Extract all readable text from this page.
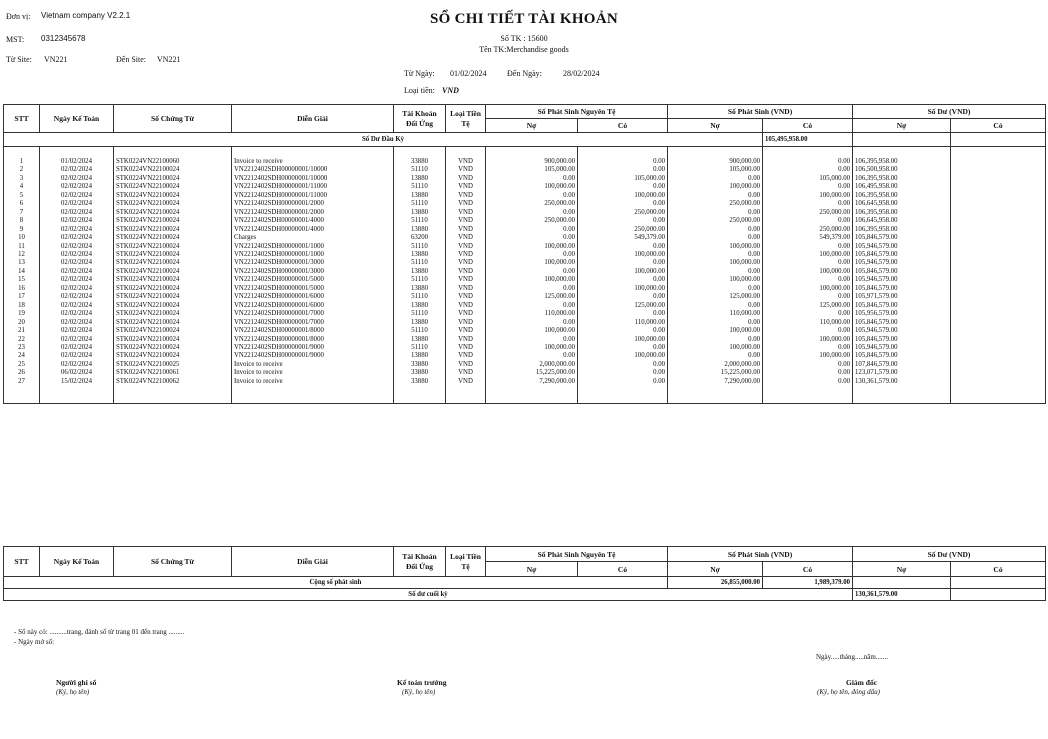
Đơn vị: Vietnam company V2.2.1
MST: 0312345678
Từ Site: VN221	Đến Site: VN221
SỔ CHI TIẾT TÀI KHOẢN
Số TK : 15600
Tên TK:Merchandise goods
Từ Ngày: 01/02/2024	Đến Ngày:	28/02/2024
Loại tiền: VND
STT	Ngày Kế Toán	Số Chứng Từ	Diễn Giải	Tài Khoản Đối Ứng	Loại Tiền Tệ	Số Phát Sinh Nguyên Tệ		Số Phát Sinh (VND)		Số Dư (VND)	
						Nợ	Có	Nợ	Có	Nợ	Có
Số Dư Đầu Kỳ									105,495,958.00		

1	01/02/2024	STK0224VN22100060	Invoice to receive	33880	VND	900,000.00	0.00	900,000.00	0.00	106,395,958.00	
2	02/02/2024	STK0224VN22100024	VN2212402SDH00000001/10000	51110	VND	105,000.00	0.00	105,000.00	0.00	106,500,958.00	
3	02/02/2024	STK0224VN22100024	VN2212402SDH00000001/10000	13880	VND	0.00	105,000.00	0.00	105,000.00	106,395,958.00	
4	02/02/2024	STK0224VN22100024	VN2212402SDH00000001/11000	51110	VND	100,000.00	0.00	100,000.00	0.00	106,495,958.00	
5	02/02/2024	STK0224VN22100024	VN2212402SDH00000001/11000	13880	VND	0.00	100,000.00	0.00	100,000.00	106,395,958.00	
6	02/02/2024	STK0224VN22100024	VN2212402SDH00000001/2000	51110	VND	250,000.00	0.00	250,000.00	0.00	106,645,958.00	
7	02/02/2024	STK0224VN22100024	VN2212402SDH00000001/2000	13880	VND	0.00	250,000.00	0.00	250,000.00	106,395,958.00	
8	02/02/2024	STK0224VN22100024	VN2212402SDH00000001/4000	51110	VND	250,000.00	0.00	250,000.00	0.00	106,645,958.00	
9	02/02/2024	STK0224VN22100024	VN2212402SDH00000001/4000	13880	VND	0.00	250,000.00	0.00	250,000.00	106,395,958.00	
10	02/02/2024	STK0224VN22100024	Charges	63200	VND	0.00	549,379.00	0.00	549,379.00	105,846,579.00	
11	02/02/2024	STK0224VN22100024	VN2212402SDH00000001/1000	51110	VND	100,000.00	0.00	100,000.00	0.00	105,946,579.00	
12	02/02/2024	STK0224VN22100024	VN2212402SDH00000001/1000	13880	VND	0.00	100,000.00	0.00	100,000.00	105,846,579.00	
13	02/02/2024	STK0224VN22100024	VN2212402SDH00000001/3000	51110	VND	100,000.00	0.00	100,000.00	0.00	105,946,579.00	
14	02/02/2024	STK0224VN22100024	VN2212402SDH00000001/3000	13880	VND	0.00	100,000.00	0.00	100,000.00	105,846,579.00	
15	02/02/2024	STK0224VN22100024	VN2212402SDH00000001/5000	51110	VND	100,000.00	0.00	100,000.00	0.00	105,946,579.00	
16	02/02/2024	STK0224VN22100024	VN2212402SDH00000001/5000	13880	VND	0.00	100,000.00	0.00	100,000.00	105,846,579.00	
17	02/02/2024	STK0224VN22100024	VN2212402SDH00000001/6000	51110	VND	125,000.00	0.00	125,000.00	0.00	105,971,579.00	
18	02/02/2024	STK0224VN22100024	VN2212402SDH00000001/6000	13880	VND	0.00	125,000.00	0.00	125,000.00	105,846,579.00	
19	02/02/2024	STK0224VN22100024	VN2212402SDH00000001/7000	51110	VND	110,000.00	0.00	110,000.00	0.00	105,956,579.00	
20	02/02/2024	STK0224VN22100024	VN2212402SDH00000001/7000	13880	VND	0.00	110,000.00	0.00	110,000.00	105,846,579.00	
21	02/02/2024	STK0224VN22100024	VN2212402SDH00000001/8000	51110	VND	100,000.00	0.00	100,000.00	0.00	105,946,579.00	
22	02/02/2024	STK0224VN22100024	VN2212402SDH00000001/8000	13880	VND	0.00	100,000.00	0.00	100,000.00	105,846,579.00	
23	02/02/2024	STK0224VN22100024	VN2212402SDH00000001/9000	51110	VND	100,000.00	0.00	100,000.00	0.00	105,946,579.00	
24	02/02/2024	STK0224VN22100024	VN2212402SDH00000001/9000	13880	VND	0.00	100,000.00	0.00	100,000.00	105,846,579.00	
25	02/02/2024	STK0224VN22100025	Invoice to receive	33880	VND	2,000,000.00	0.00	2,000,000.00	0.00	107,846,579.00	
26	06/02/2024	STK0224VN22100061	Invoice to receive	33880	VND	15,225,000.00	0.00	15,225,000.00	0.00	123,071,579.00	
27	15/02/2024	STK0224VN22100062	Invoice to receive	33880	VND	7,290,000.00	0.00	7,290,000.00	0.00	130,361,579.00	

STT	Ngày Kế Toán	Số Chứng Từ	Diễn Giải	Tài Khoản Đối Ứng	Loại Tiền Tệ	Số Phát Sinh Nguyên Tệ		Số Phát Sinh (VND)		Số Dư (VND)	
						Nợ	Có	Nợ	Có	Nợ	Có
Cộng số phát sinh								26,855,000.00	1,989,379.00		
Số dư cuối kỳ										130,361,579.00	
- Sổ này có: ..........trang, đánh số từ trang 01 đến trang .........
- Ngày mở sổ:
Ngày.....tháng.....năm.......
Người ghi sổ
(Ký, họ tên)
Kế toán trưởng
(Ký, họ tên)
Giám đốc
(Ký, họ tên, đóng dấu)
